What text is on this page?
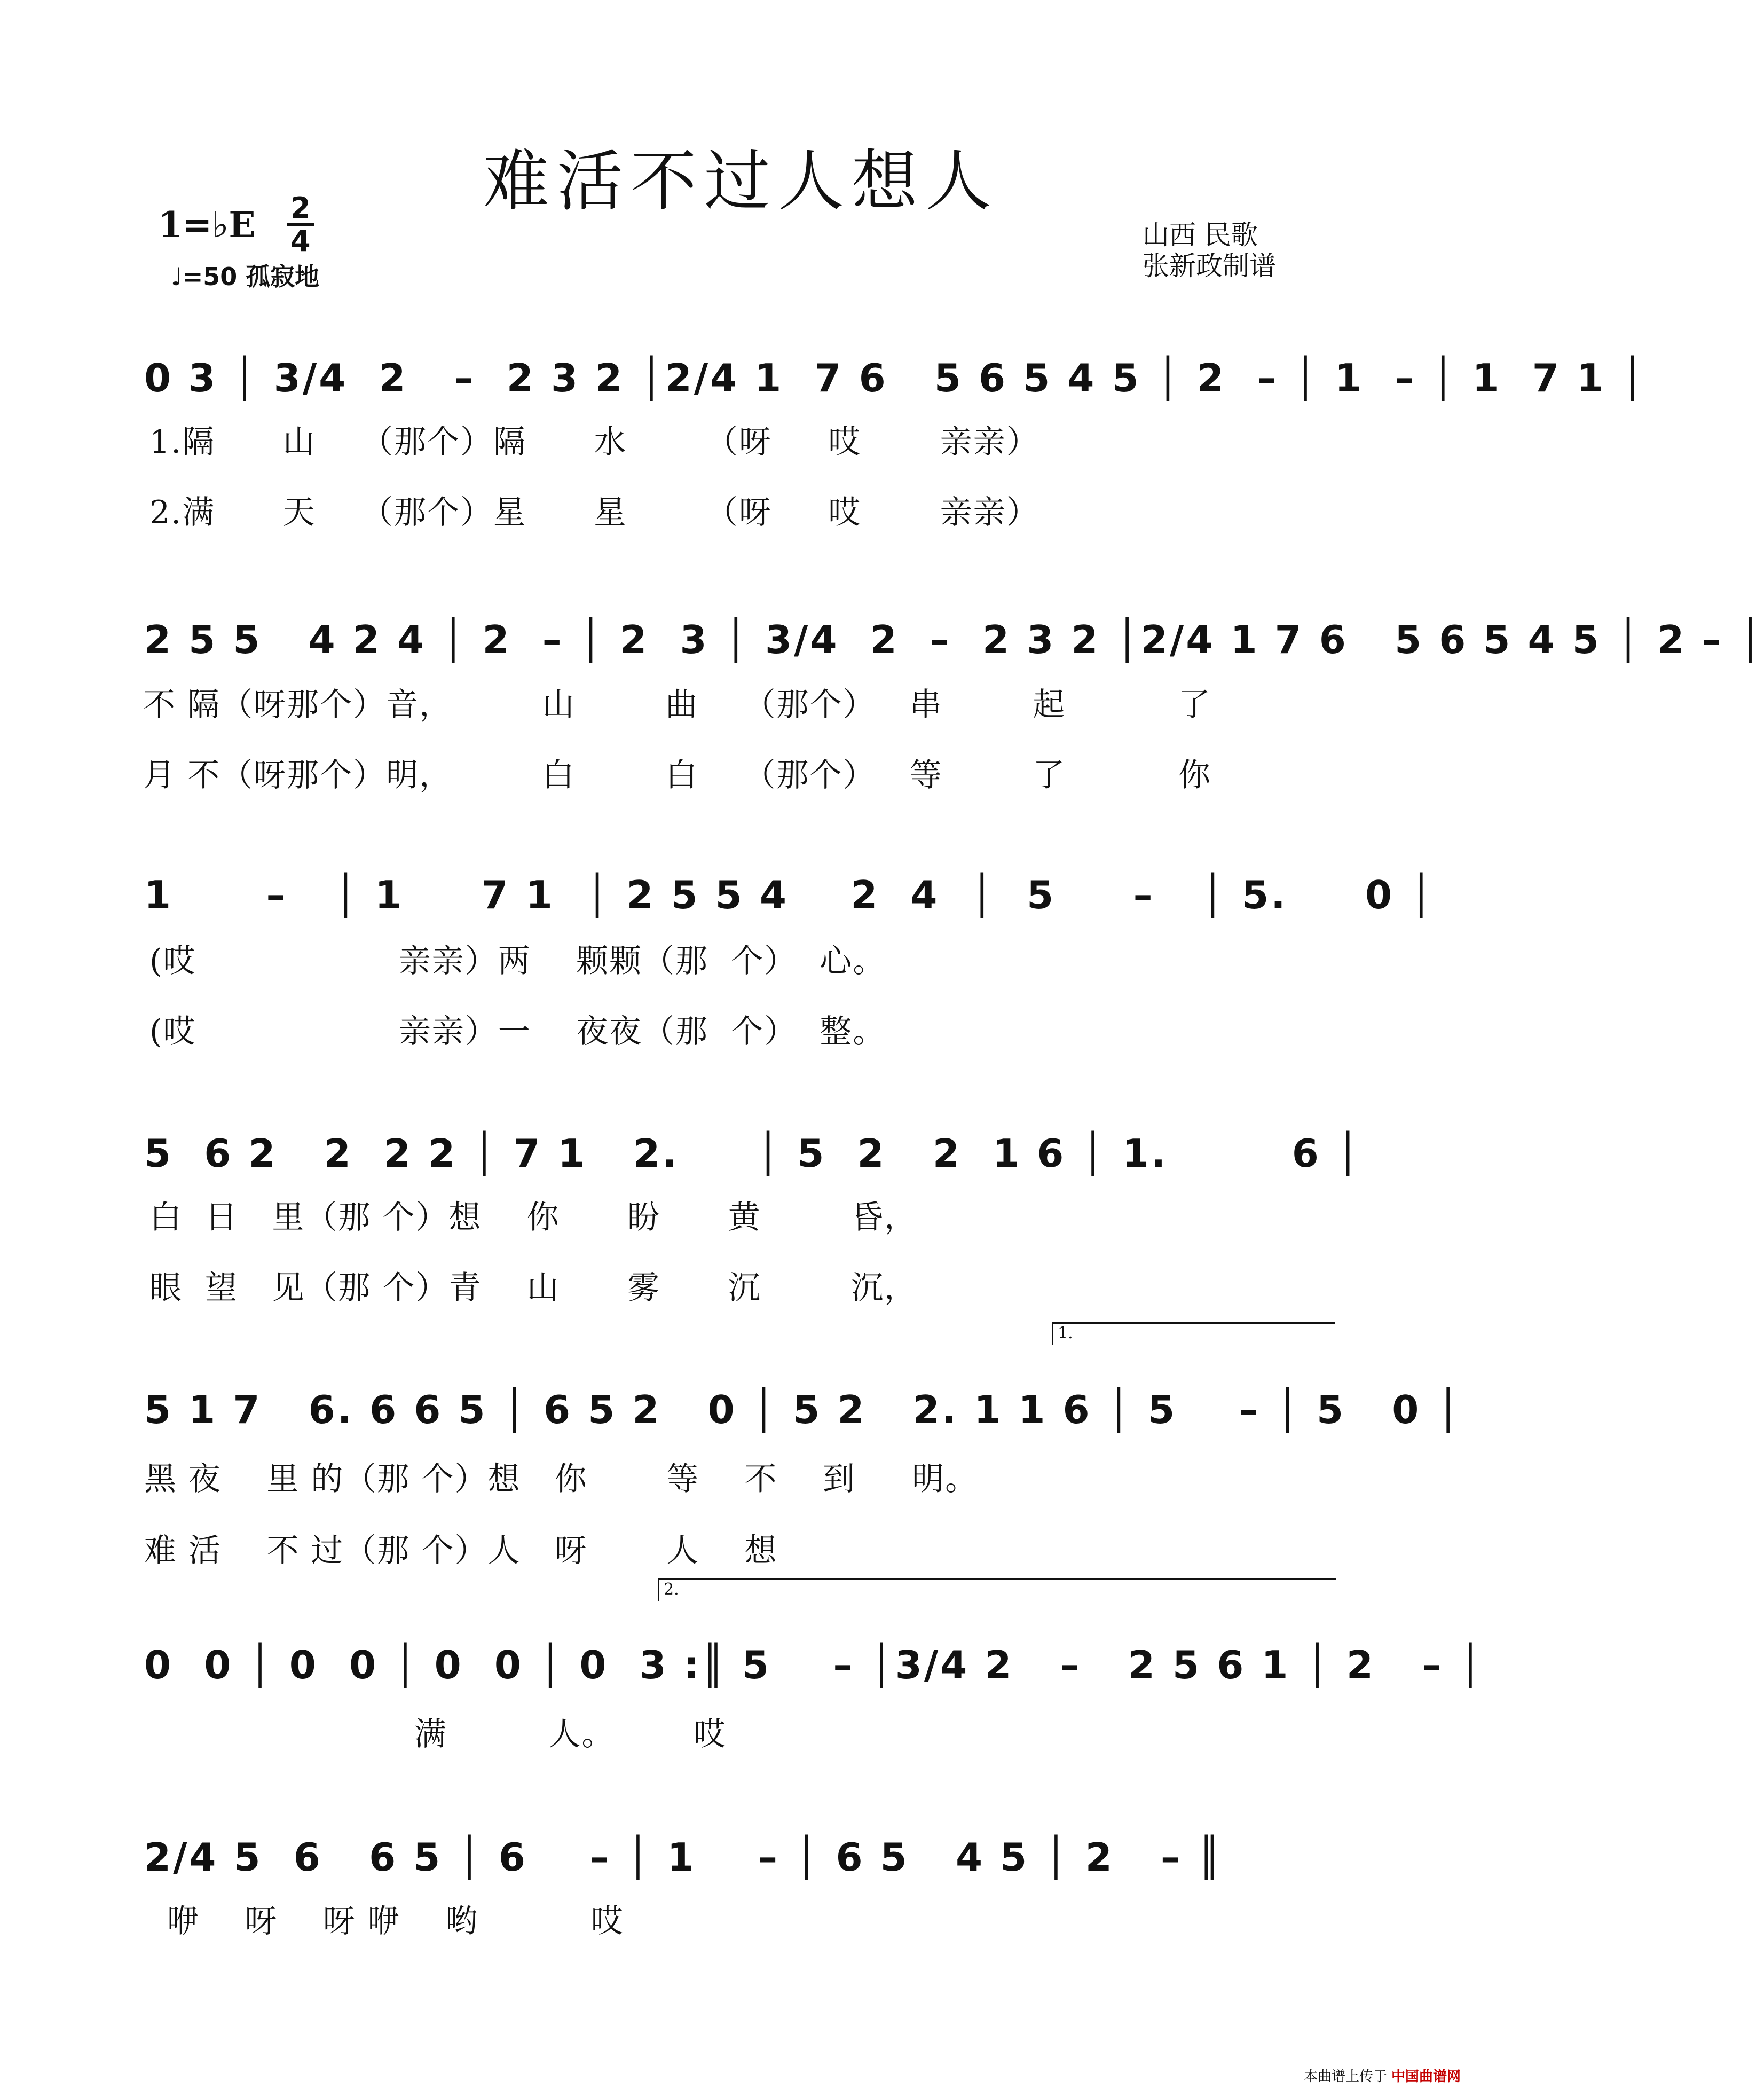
难活不过人想人
1=♭E 2
4
♩=50 孤寂地
山西 民歌
张新政制谱
0 3 │ 3/4  2   –  2 3 2 │2/4 1  7 6   5 6 5 4 5 │ 2  – │ 1  – │ 1  7 1 │
1.隔      山    （那个）隔      水       （呀     哎       亲亲）
2.满      天    （那个）星      星       （呀     哎       亲亲）
2 5 5   4 2 4 │ 2  – │ 2  3 │ 3/4  2  –  2 3 2 │2/4 1 7 6   5 6 5 4 5 │ 2 – │
不 隔（呀那个）音，        山        曲    （那个）   串        起          了
月 不（呀那个）明，        白        白    （那个）   等        了          你
1      –   │ 1     7 1  │ 2 5 5 4    2  4  │  5     –   │ 5.     0 │
(哎                  亲亲）两    颗颗（那  个）  心。
(哎                  亲亲）一    夜夜（那  个）  整。
5  6 2   2  2 2 │ 7 1   2.     │ 5  2   2  1 6 │ 1.        6 │
白  日   里（那 个）想    你      盼      黄        昏，
眼  望   见（那 个）青    山      雾      沉        沉，
1.
5 1 7   6. 6 6 5 │ 6 5 2   0 │ 5 2   2. 1 1 6 │ 5    – │ 5   0 │
黑 夜    里 的（那 个）想   你       等    不    到     明。
难 活    不 过（那 个）人   呀       人    想
2.
0  0 │ 0  0 │ 0  0 │ 0  3 :║ 5    – │3/4 2   –   2 5 6 1 │ 2   – │
满         人。       哎
2/4 5  6   6 5 │ 6    – │ 1    – │ 6 5   4 5 │ 2   – ║
咿    呀    呀 咿    哟          哎
本曲谱上传于 中国曲谱网
